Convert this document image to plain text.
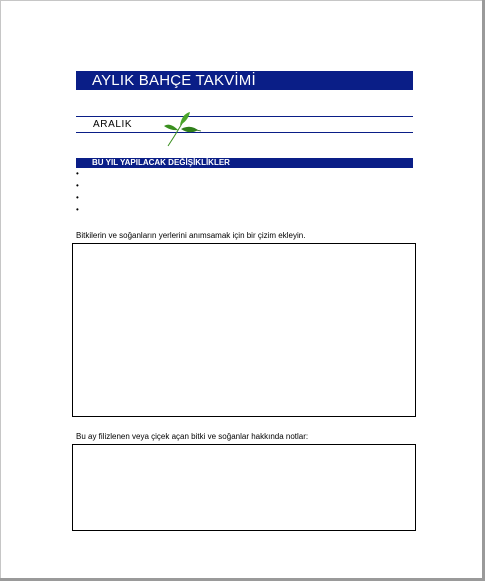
AYLIK BAHÇE TAKVİMİ
ARALIK
BU YIL YAPILACAK DEĞİŞİKLİKLER
•
•
•
•
Bitkilerin ve soğanların yerlerini anımsamak için bir çizim ekleyin.
Bu ay filizlenen veya çiçek açan bitki ve soğanlar hakkında notlar:
